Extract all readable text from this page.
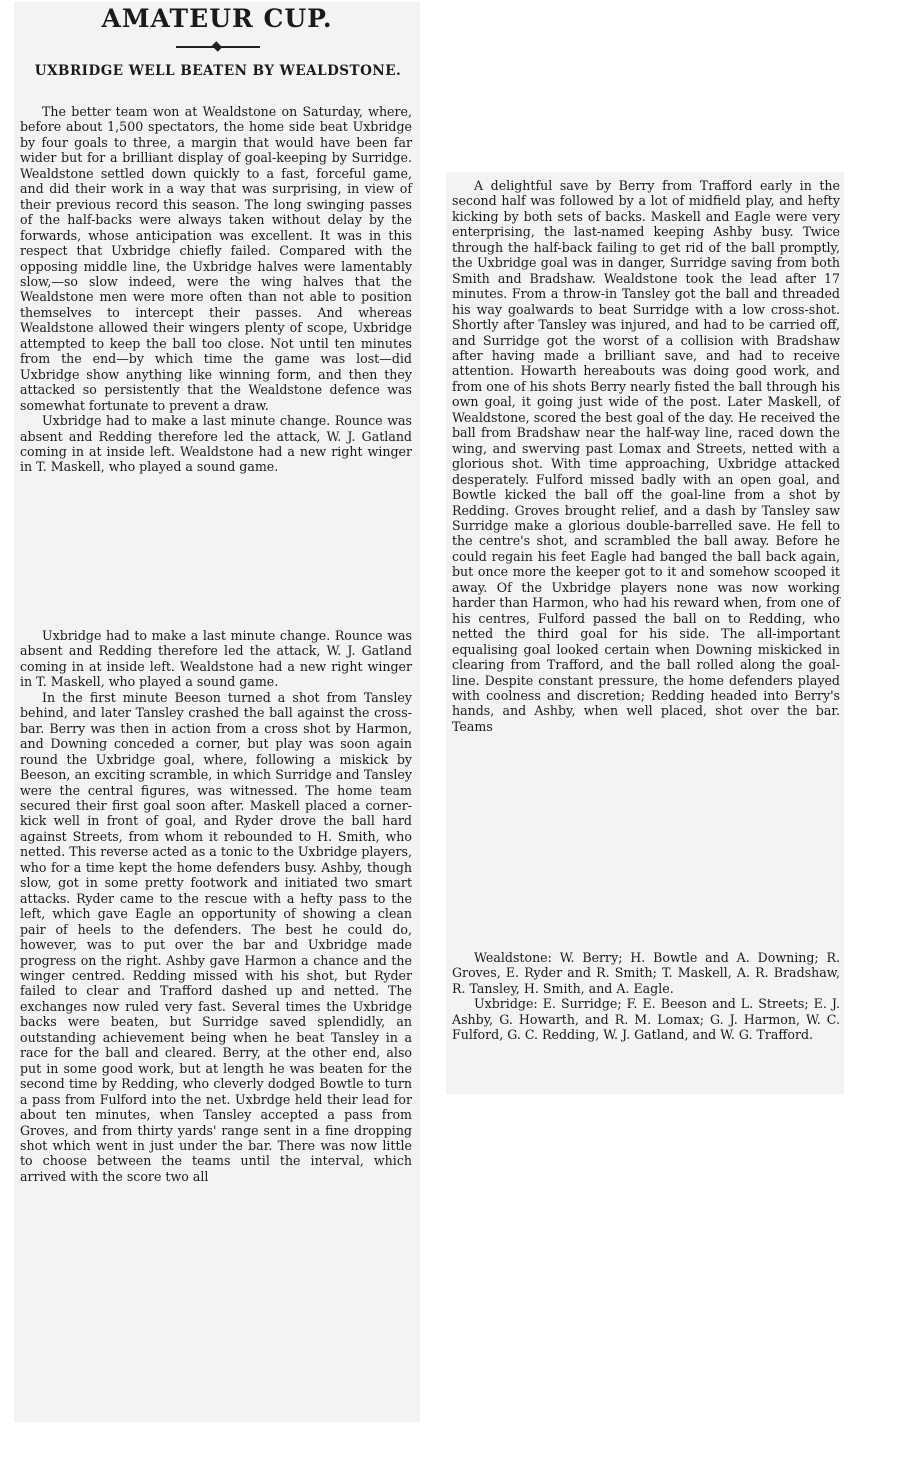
AMATEUR CUP.
UXBRIDGE WELL BEATEN BY WEALDSTONE.

The better team won at Wealdstone on Saturday, where, before about 1,500 spectators, the home side beat Uxbridge by four goals to three, a margin that would have been far wider but for a brilliant display of goal-keeping by Surridge. Wealdstone settled down quickly to a fast, forceful game, and did their work in a way that was surprising, in view of their previous record this season. The long swinging passes of the half-backs were always taken without delay by the forwards, whose anticipation was excellent. It was in this respect that Uxbridge chiefly failed. Compared with the opposing middle line, the Uxbridge halves were lamentably slow,—so slow indeed, were the wing halves that the Wealdstone men were more often than not able to position themselves to intercept their passes. And whereas Wealdstone allowed their wingers plenty of scope, Uxbridge attempted to keep the ball too close. Not until ten minutes from the end—by which time the game was lost—did Uxbridge show anything like winning form, and then they attacked so persistently that the Wealdstone defence was somewhat fortunate to prevent a draw.

Uxbridge had to make a last minute change. Rounce was absent and Redding therefore led the attack, W. J. Gatland coming in at inside left. Wealdstone had a new right winger in T. Maskell, who played a sound game.

Uxbridge had to make a last minute change. Rounce was absent and Redding therefore led the attack, W. J. Gatland coming in at inside left. Wealdstone had a new right winger in T. Maskell, who played a sound game.

In the first minute Beeson turned a shot from Tansley behind, and later Tansley crashed the ball against the cross-bar. Berry was then in action from a cross shot by Harmon, and Downing conceded a corner, but play was soon again round the Uxbridge goal, where, following a miskick by Beeson, an exciting scramble, in which Surridge and Tansley were the central figures, was witnessed. The home team secured their first goal soon after. Maskell placed a corner-kick well in front of goal, and Ryder drove the ball hard against Streets, from whom it rebounded to H. Smith, who netted. This reverse acted as a tonic to the Uxbridge players, who for a time kept the home defenders busy. Ashby, though slow, got in some pretty footwork and initiated two smart attacks. Ryder came to the rescue with a hefty pass to the left, which gave Eagle an opportunity of showing a clean pair of heels to the defenders. The best he could do, however, was to put over the bar and Uxbridge made progress on the right. Ashby gave Harmon a chance and the winger centred. Redding missed with his shot, but Ryder failed to clear and Trafford dashed up and netted. The exchanges now ruled very fast. Several times the Uxbridge backs were beaten, but Surridge saved splendidly, an outstanding achievement being when he beat Tansley in a race for the ball and cleared. Berry, at the other end, also put in some good work, but at length he was beaten for the second time by Redding, who cleverly dodged Bowtle to turn a pass from Fulford into the net. Uxbrdge held their lead for about ten minutes, when Tansley accepted a pass from Groves, and from thirty yards' range sent in a fine dropping shot which went in just under the bar. There was now little to choose between the teams until the interval, which arrived with the score two all

A delightful save by Berry from Trafford early in the second half was followed by a lot of midfield play, and hefty kicking by both sets of backs. Maskell and Eagle were very enterprising, the last-named keeping Ashby busy. Twice through the half-back failing to get rid of the ball promptly, the Uxbridge goal was in danger, Surridge saving from both Smith and Bradshaw. Wealdstone took the lead after 17 minutes. From a throw-in Tansley got the ball and threaded his way goalwards to beat Surridge with a low cross-shot. Shortly after Tansley was injured, and had to be carried off, and Surridge got the worst of a collision with Bradshaw after having made a brilliant save, and had to receive attention. Howarth hereabouts was doing good work, and from one of his shots Berry nearly fisted the ball through his own goal, it going just wide of the post. Later Maskell, of Wealdstone, scored the best goal of the day. He received the ball from Bradshaw near the half-way line, raced down the wing, and swerving past Lomax and Streets, netted with a glorious shot. With time approaching, Uxbridge attacked desperately. Fulford missed badly with an open goal, and Bowtle kicked the ball off the goal-line from a shot by Redding. Groves brought relief, and a dash by Tansley saw Surridge make a glorious double-barrelled save. He fell to the centre's shot, and scrambled the ball away. Before he could regain his feet Eagle had banged the ball back again, but once more the keeper got to it and somehow scooped it away. Of the Uxbridge players none was now working harder than Harmon, who had his reward when, from one of his centres, Fulford passed the ball on to Redding, who netted the third goal for his side. The all-important equalising goal looked certain when Downing miskicked in clearing from Trafford, and the ball rolled along the goal-line. Despite constant pressure, the home defenders played with coolness and discretion; Redding headed into Berry's hands, and Ashby, when well placed, shot over the bar. Teams

Wealdstone: W. Berry; H. Bowtle and A. Downing; R. Groves, E. Ryder and R. Smith; T. Maskell, A. R. Bradshaw, R. Tansley, H. Smith, and A. Eagle.

Uxbridge: E. Surridge; F. E. Beeson and L. Streets; E. J. Ashby, G. Howarth, and R. M. Lomax; G. J. Harmon, W. C. Fulford, G. C. Redding, W. J. Gatland, and W. G. Trafford.
